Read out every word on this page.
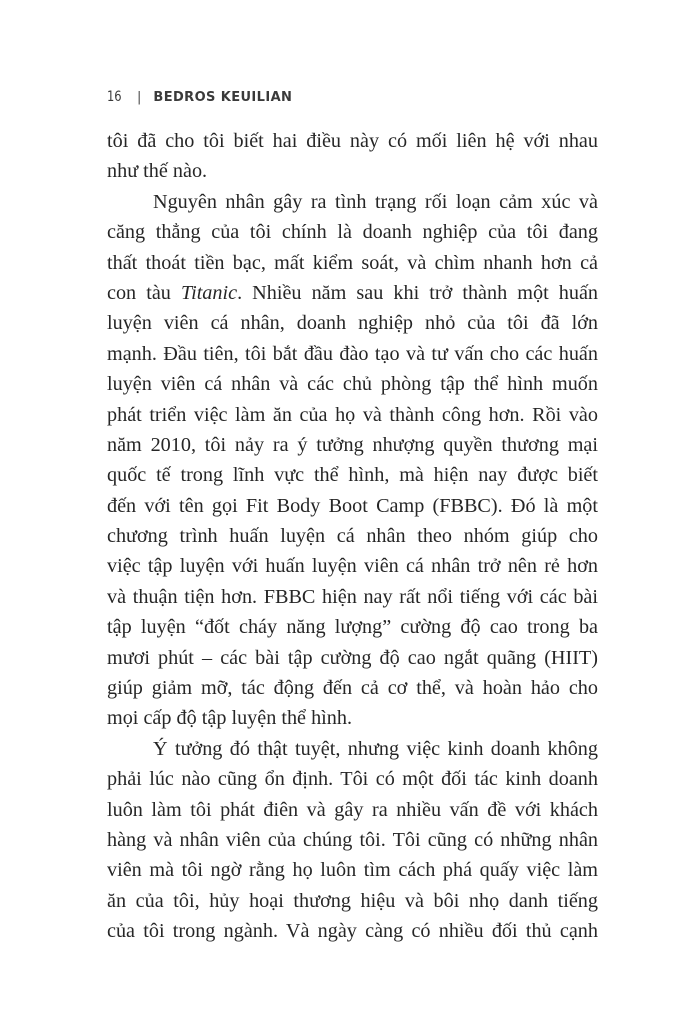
16 | BEDROS KEUILIAN
tôi đã cho tôi biết hai điều này có mối liên hệ với nhau
như thế nào.
Nguyên nhân gây ra tình trạng rối loạn cảm xúc và
căng thẳng của tôi chính là doanh nghiệp của tôi đang
thất thoát tiền bạc, mất kiểm soát, và chìm nhanh hơn cả
con tàu Titanic. Nhiều năm sau khi trở thành một huấn
luyện viên cá nhân, doanh nghiệp nhỏ của tôi đã lớn
mạnh. Đầu tiên, tôi bắt đầu đào tạo và tư vấn cho các huấn
luyện viên cá nhân và các chủ phòng tập thể hình muốn
phát triển việc làm ăn của họ và thành công hơn. Rồi vào
năm 2010, tôi nảy ra ý tưởng nhượng quyền thương mại
quốc tế trong lĩnh vực thể hình, mà hiện nay được biết
đến với tên gọi Fit Body Boot Camp (FBBC). Đó là một
chương trình huấn luyện cá nhân theo nhóm giúp cho
việc tập luyện với huấn luyện viên cá nhân trở nên rẻ hơn
và thuận tiện hơn. FBBC hiện nay rất nổi tiếng với các bài
tập luyện “đốt cháy năng lượng” cường độ cao trong ba
mươi phút – các bài tập cường độ cao ngắt quãng (HIIT)
giúp giảm mỡ, tác động đến cả cơ thể, và hoàn hảo cho
mọi cấp độ tập luyện thể hình.
Ý tưởng đó thật tuyệt, nhưng việc kinh doanh không
phải lúc nào cũng ổn định. Tôi có một đối tác kinh doanh
luôn làm tôi phát điên và gây ra nhiều vấn đề với khách
hàng và nhân viên của chúng tôi. Tôi cũng có những nhân
viên mà tôi ngờ rằng họ luôn tìm cách phá quấy việc làm
ăn của tôi, hủy hoại thương hiệu và bôi nhọ danh tiếng
của tôi trong ngành. Và ngày càng có nhiều đối thủ cạnh
